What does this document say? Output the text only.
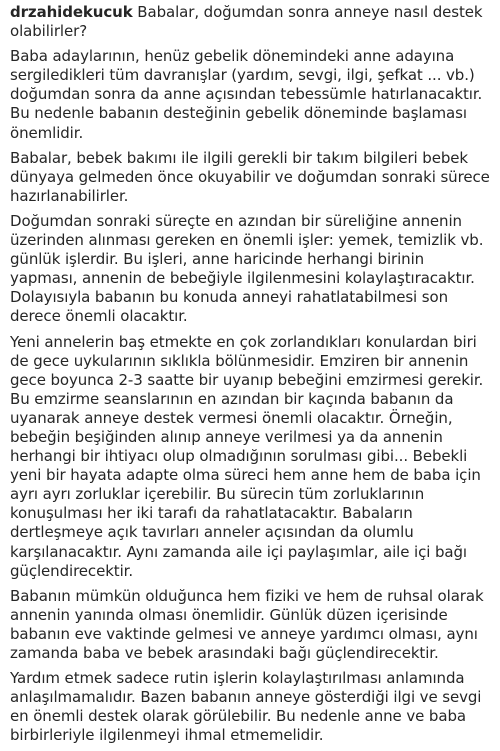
drzahidekucuk Babalar, doğumdan sonra anneye nasıl destek olabilirler?

Baba adaylarının, henüz gebelik dönemindeki anne adayına sergiledikleri tüm davranışlar (yardım, sevgi, ilgi, şefkat ... vb.) doğumdan sonra da anne açısından tebessümle hatırlanacaktır. Bu nedenle babanın desteğinin gebelik döneminde başlaması önemlidir.

Babalar, bebek bakımı ile ilgili gerekli bir takım bilgileri bebek dünyaya gelmeden önce okuyabilir ve doğumdan sonraki sürece hazırlanabilirler.

Doğumdan sonraki süreçte en azından bir süreliğine annenin üzerinden alınması gereken en önemli işler: yemek, temizlik vb. günlük işlerdir. Bu işleri, anne haricinde herhangi birinin yapması, annenin de bebeğiyle ilgilenmesini kolaylaştıracaktır. Dolayısıyla babanın bu konuda anneyi rahatlatabilmesi son derece önemli olacaktır.

Yeni annelerin baş etmekte en çok zorlandıkları konulardan biri de gece uykularının sıklıkla bölünmesidir. Emziren bir annenin gece boyunca 2-3 saatte bir uyanıp bebeğini emzirmesi gerekir. Bu emzirme seanslarının en azından bir kaçında babanın da uyanarak anneye destek vermesi önemli olacaktır. Örneğin, bebeğin beşiğinden alınıp anneye verilmesi ya da annenin herhangi bir ihtiyacı olup olmadığının sorulması gibi... Bebekli yeni bir hayata adapte olma süreci hem anne hem de baba için ayrı ayrı zorluklar içerebilir. Bu sürecin tüm zorluklarının konuşulması her iki tarafı da rahatlatacaktır. Babaların dertleşmeye açık tavırları anneler açısından da olumlu karşılanacaktır. Aynı zamanda aile içi paylaşımlar, aile içi bağı güçlendirecektir.

Babanın mümkün olduğunca hem fiziki ve hem de ruhsal olarak annenin yanında olması önemlidir. Günlük düzen içerisinde babanın eve vaktinde gelmesi ve anneye yardımcı olması, aynı zamanda baba ve bebek arasındaki bağı güçlendirecektir.

Yardım etmek sadece rutin işlerin kolaylaştırılması anlamında anlaşılmamalıdır. Bazen babanın anneye gösterdiği ilgi ve sevgi en önemli destek olarak görülebilir. Bu nedenle anne ve baba birbirleriyle ilgilenmeyi ihmal etmemelidir.
